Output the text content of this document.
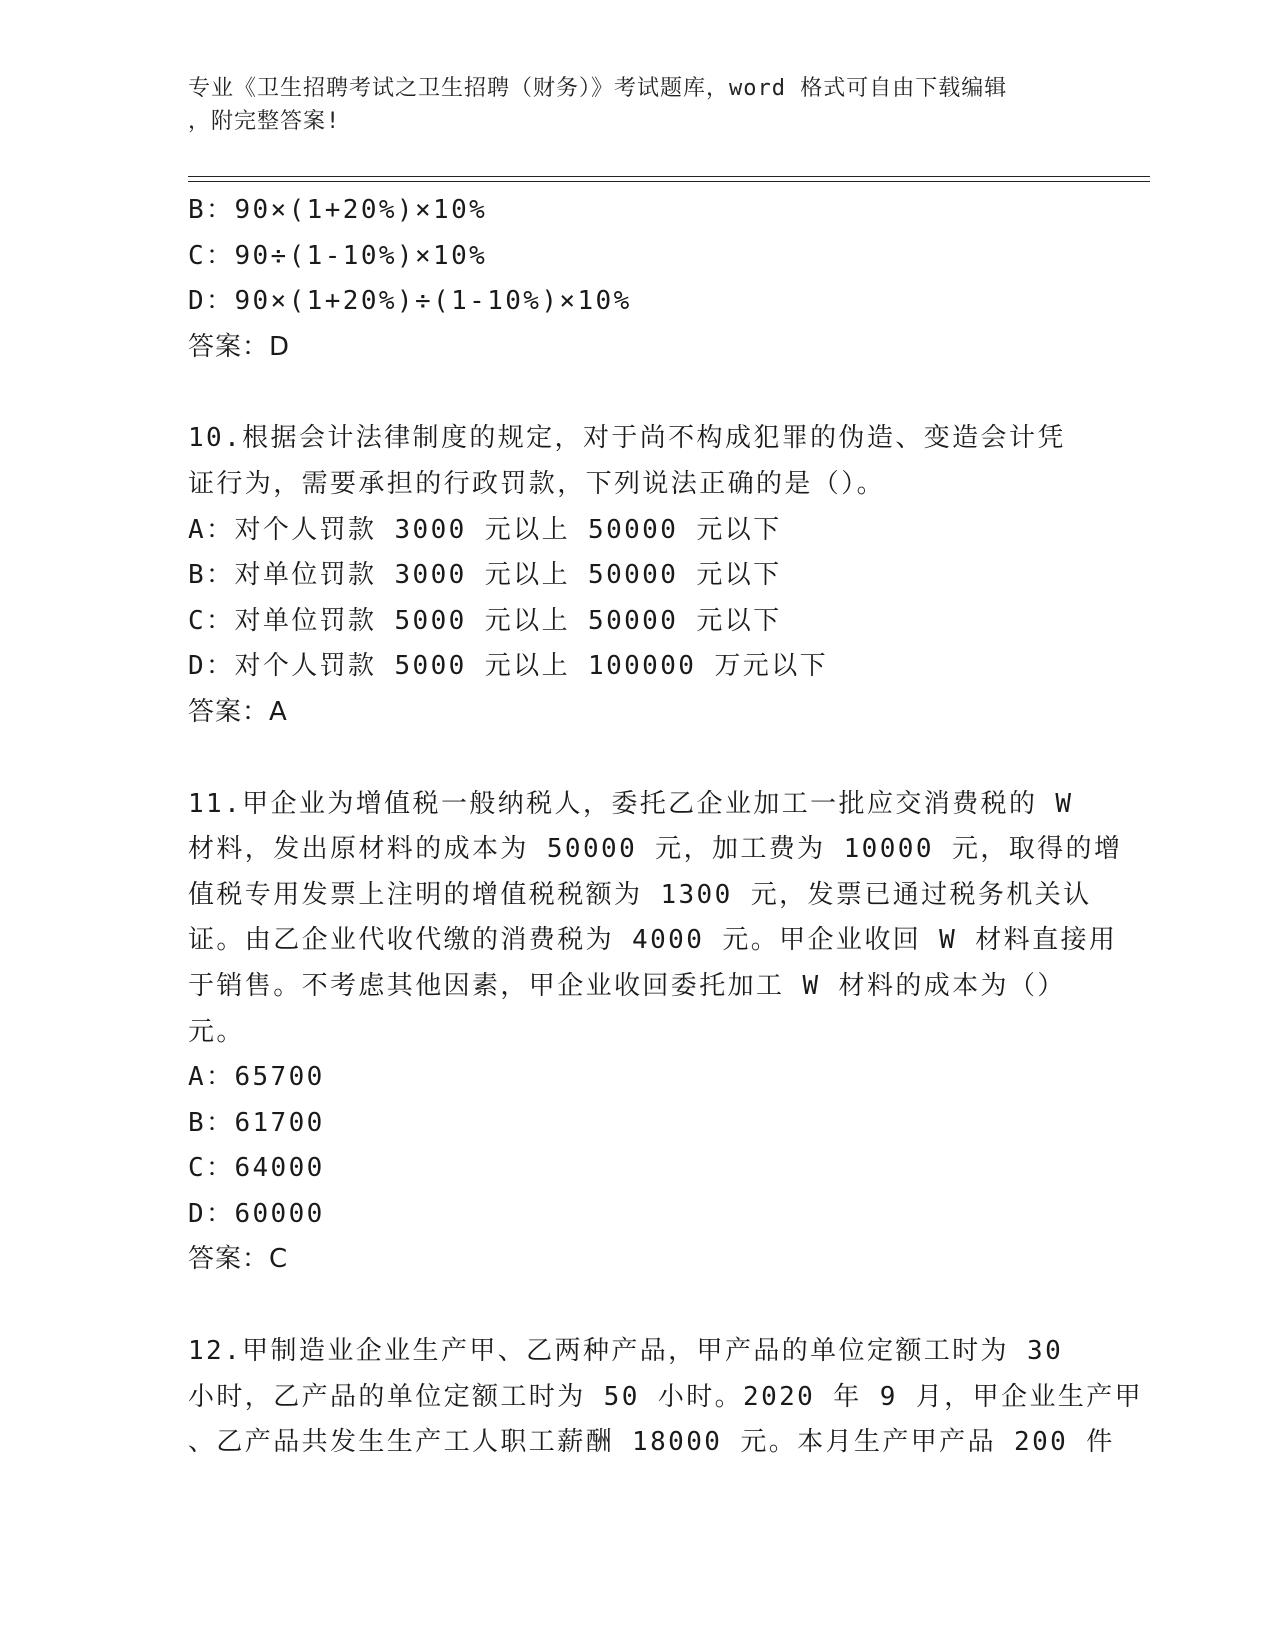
专业《卫生招聘考试之卫生招聘（财务）》考试题库，word 格式可自由下载编辑
，附完整答案!
B：90×(1+20%)×10%
C：90÷(1-10%)×10%
D：90×(1+20%)÷(1-10%)×10%
答案：D
10.根据会计法律制度的规定，对于尚不构成犯罪的伪造、变造会计凭
证行为，需要承担的行政罚款，下列说法正确的是（）。
A：对个人罚款 3000 元以上 50000 元以下
B：对单位罚款 3000 元以上 50000 元以下
C：对单位罚款 5000 元以上 50000 元以下
D：对个人罚款 5000 元以上 100000 万元以下
答案：A
11.甲企业为增值税一般纳税人，委托乙企业加工一批应交消费税的 W
材料，发出原材料的成本为 50000 元，加工费为 10000 元，取得的增
值税专用发票上注明的增值税税额为 1300 元，发票已通过税务机关认
证。由乙企业代收代缴的消费税为 4000 元。甲企业收回 W 材料直接用
于销售。不考虑其他因素，甲企业收回委托加工 W 材料的成本为（）
元。
A：65700
B：61700
C：64000
D：60000
答案：C
12.甲制造业企业生产甲、乙两种产品，甲产品的单位定额工时为 30
小时，乙产品的单位定额工时为 50 小时。2020 年 9 月，甲企业生产甲
、乙产品共发生生产工人职工薪酬 18000 元。本月生产甲产品 200 件
